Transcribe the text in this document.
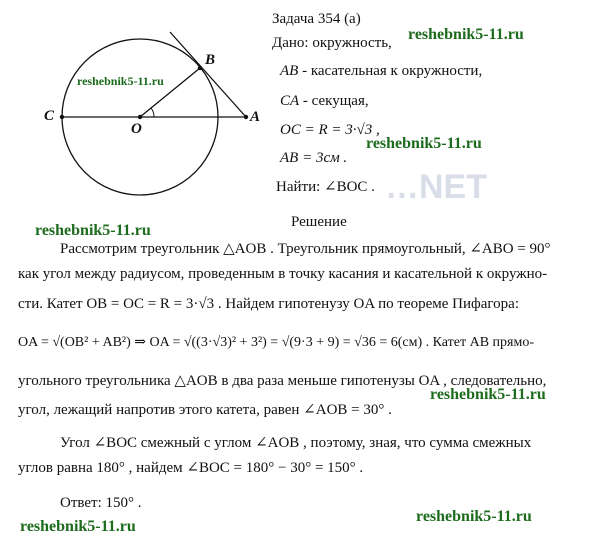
B
C
O
A
reshebnik5-11.ru
Задача 354 (а)
Дано: окружность,
AB - касательная к окружности,
CA - секущая,
OC = R = 3·√3 ,
AB = 3см .
Найти: ∠BOC .
reshebnik5-11.ru
reshebnik5-11.ru
…NET
Решение
reshebnik5-11.ru
Рассмотрим треугольник △AOB . Треугольник прямоугольный, ∠ABO = 90°
как угол между радиусом, проведенным в точку касания и касательной к окружно-
сти. Катет OB = OC = R = 3·√3 . Найдем гипотенузу OA по теореме Пифагора:
OA = √(OB² + AB²) ⇒ OA = √((3·√3)² + 3²) = √(9·3 + 9) = √36 = 6(см) . Катет AB прямо-
угольного треугольника △AOB в два раза меньше гипотенузы OA , следовательно,
угол, лежащий напротив этого катета, равен ∠AOB = 30° .
reshebnik5-11.ru
Угол ∠BOC смежный с углом ∠AOB , поэтому, зная, что сумма смежных
углов равна 180° , найдем ∠BOC = 180° − 30° = 150° .
Ответ: 150° .
reshebnik5-11.ru
reshebnik5-11.ru
